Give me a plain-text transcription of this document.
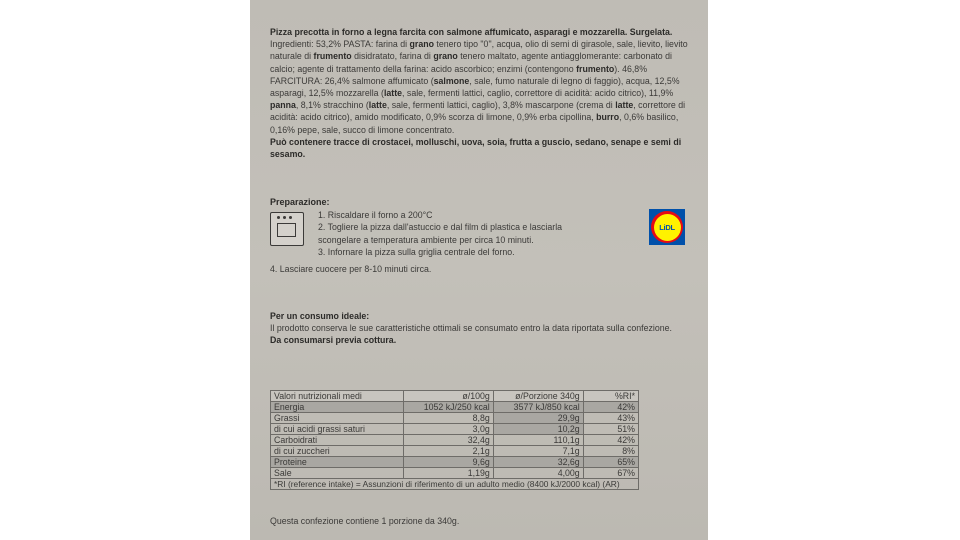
Pizza precotta in forno a legna farcita con salmone affumicato, asparagi e mozzarella. Surgelata.
Ingredienti: 53,2% PASTA: farina di grano tenero tipo "0", acqua, olio di semi di girasole, sale, lievito, lievito naturale di frumento disidratato, farina di grano tenero maltato, agente antiagglomerante: carbonato di calcio; agente di trattamento della farina: acido ascorbico; enzimi (contengono frumento). 46,8% FARCITURA: 26,4% salmone affumicato (salmone, sale, fumo naturale di legno di faggio), acqua, 12,5% asparagi, 12,5% mozzarella (latte, sale, fermenti lattici, caglio, correttore di acidità: acido citrico), 11,9% panna, 8,1% stracchino (latte, sale, fermenti lattici, caglio), 3,8% mascarpone (crema di latte, correttore di acidità: acido citrico), amido modificato, 0,9% scorza di limone, 0,9% erba cipollina, burro, 0,6% basilico, 0,16% pepe, sale, succo di limone concentrato.
Può contenere tracce di crostacei, molluschi, uova, soia, frutta a guscio, sedano, senape e semi di sesamo.
Preparazione:
1. Riscaldare il forno a 200°C
2. Togliere la pizza dall'astuccio e dal film di plastica e lasciarla
scongelare a temperatura ambiente per circa 10 minuti.
3. Infornare la pizza sulla griglia centrale del forno.
4. Lasciare cuocere per 8-10 minuti circa.
LiDL
Per un consumo ideale:
Il prodotto conserva le sue caratteristiche ottimali se consumato entro la data riportata sulla confezione.
Da consumarsi previa cottura.
Valori nutrizionali medi	ø/100g	ø/Porzione 340g	%RI*
Energia	1052 kJ/250 kcal	3577 kJ/850 kcal	42%
Grassi	8,8g	29,9g	43%
di cui acidi grassi saturi	3,0g	10,2g	51%
Carboidrati	32,4g	110,1g	42%
di cui zuccheri	2,1g	7,1g	8%
Proteine	9,6g	32,6g	65%
Sale	1,19g	4,00g	67%
*RI (reference intake) = Assunzioni di riferimento di un adulto medio (8400 kJ/2000 kcal) (AR)			
Questa confezione contiene 1 porzione da 340g.
